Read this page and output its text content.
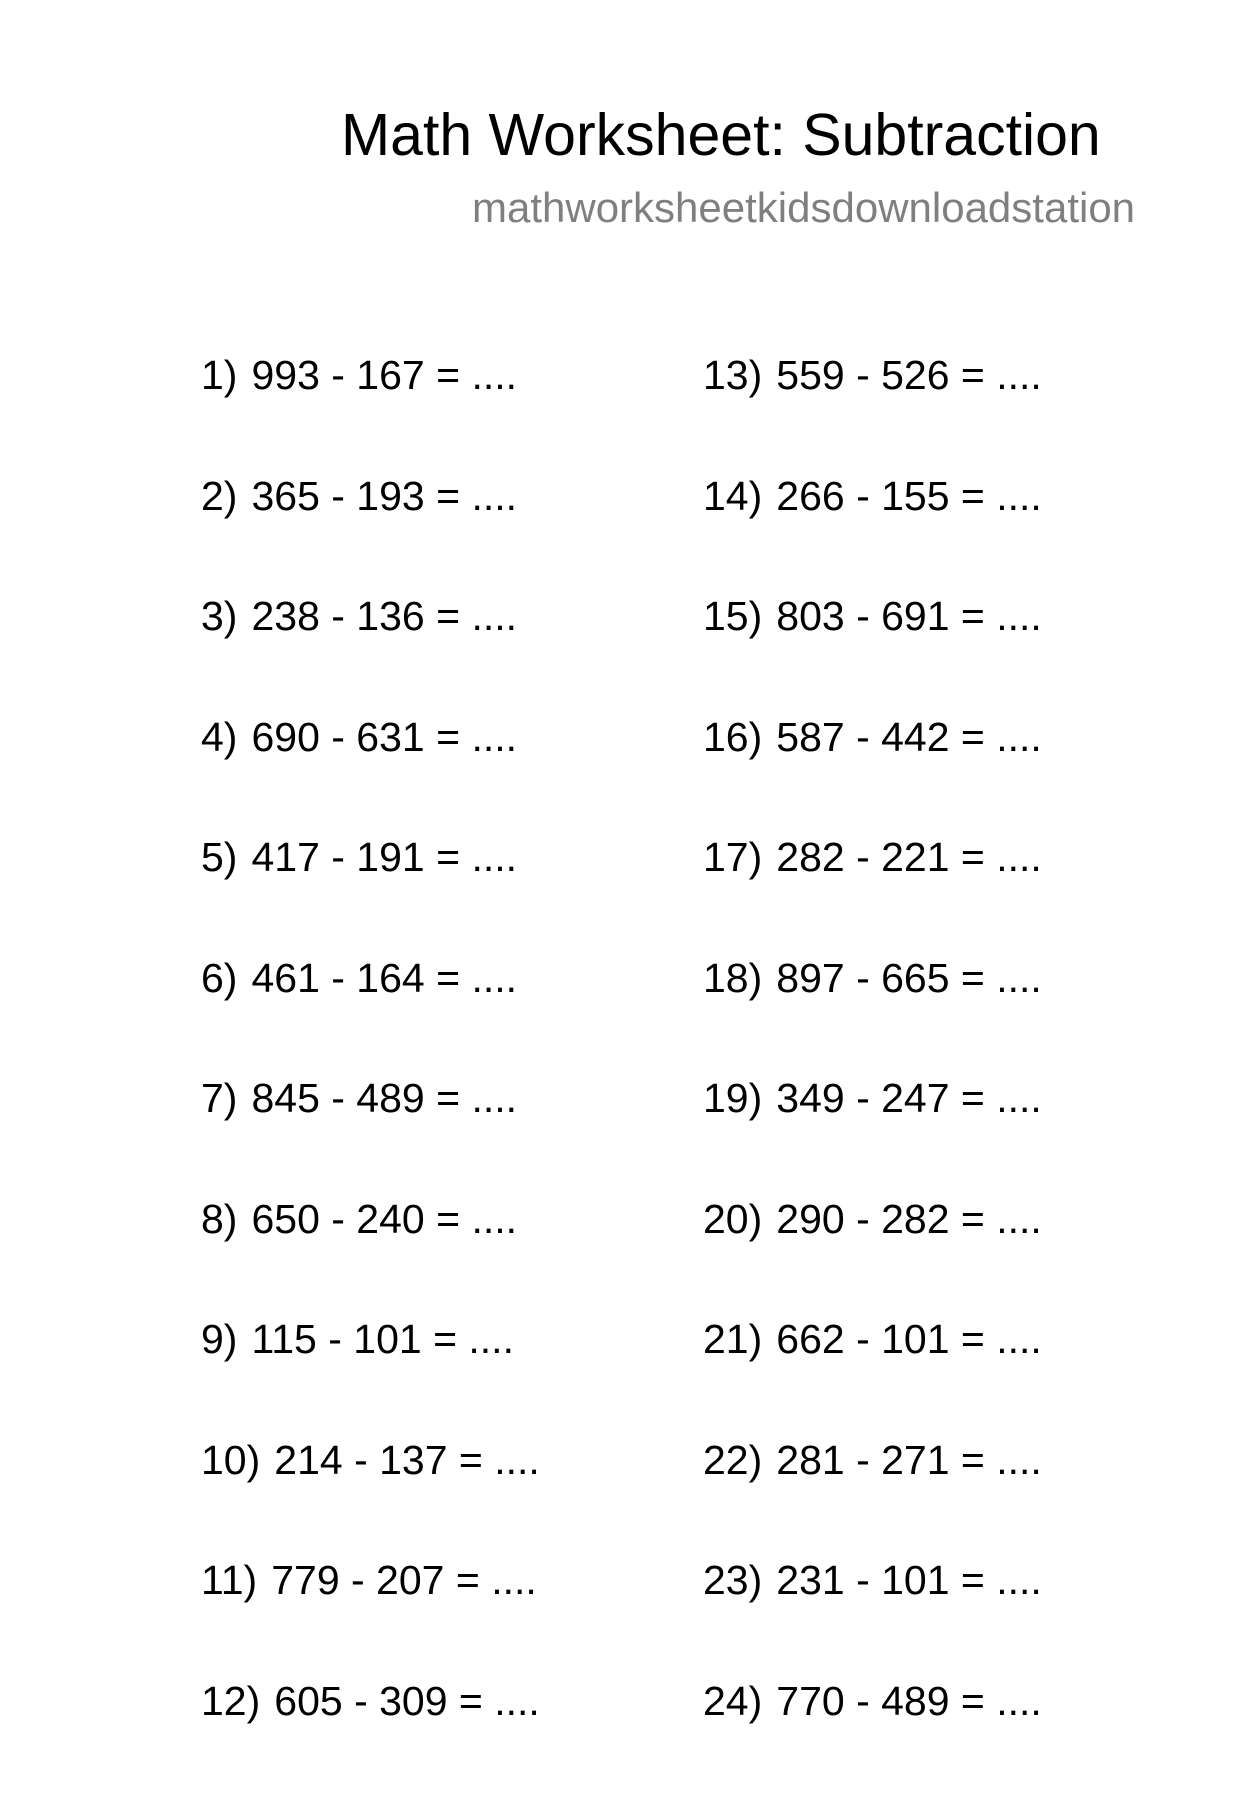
Math Worksheet: Subtraction
mathworksheetkidsdownloadstation
1) 993 - 167 = ....
2) 365 - 193 = ....
3) 238 - 136 = ....
4) 690 - 631 = ....
5) 417 - 191 = ....
6) 461 - 164 = ....
7) 845 - 489 = ....
8) 650 - 240 = ....
9) 115 - 101 = ....
10) 214 - 137 = ....
11) 779 - 207 = ....
12) 605 - 309 = ....
13) 559 - 526 = ....
14) 266 - 155 = ....
15) 803 - 691 = ....
16) 587 - 442 = ....
17) 282 - 221 = ....
18) 897 - 665 = ....
19) 349 - 247 = ....
20) 290 - 282 = ....
21) 662 - 101 = ....
22) 281 - 271 = ....
23) 231 - 101 = ....
24) 770 - 489 = ....
